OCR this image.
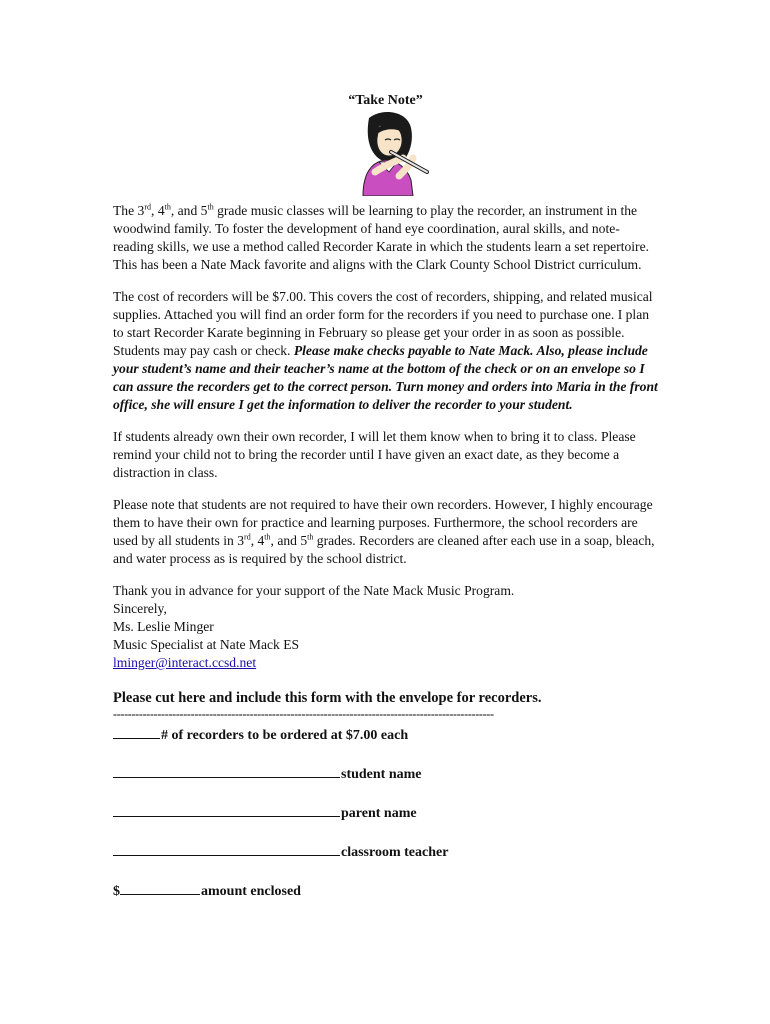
“Take Note”

The 3rd, 4th, and 5th grade music classes will be learning to play the recorder, an instrument in the woodwind family. To foster the development of hand eye coordination, aural skills, and note-reading skills, we use a method called Recorder Karate in which the students learn a set repertoire. This has been a Nate Mack favorite and aligns with the Clark County School District curriculum.

The cost of recorders will be $7.00. This covers the cost of recorders, shipping, and related musical supplies. Attached you will find an order form for the recorders if you need to purchase one. I plan to start Recorder Karate beginning in February so please get your order in as soon as possible. Students may pay cash or check. Please make checks payable to Nate Mack. Also, please include your student’s name and their teacher’s name at the bottom of the check or on an envelope so I can assure the recorders get to the correct person. Turn money and orders into Maria in the front office, she will ensure I get the information to deliver the recorder to your student.

If students already own their own recorder, I will let them know when to bring it to class. Please remind your child not to bring the recorder until I have given an exact date, as they become a distraction in class.

Please note that students are not required to have their own recorders. However, I highly encourage them to have their own for practice and learning purposes. Furthermore, the school recorders are used by all students in 3rd, 4th, and 5th grades. Recorders are cleaned after each use in a soap, bleach, and water process as is required by the school district.

Thank you in advance for your support of the Nate Mack Music Program.

Sincerely,

Ms. Leslie Minger

Music Specialist at Nate Mack ES

lminger@interact.ccsd.net

Please cut here and include this form with the envelope for recorders.

-------------------------------------------------------------------------------------------------------

# of recorders to be ordered at $7.00 each

student name

parent name

classroom teacher

$	amount enclosed
